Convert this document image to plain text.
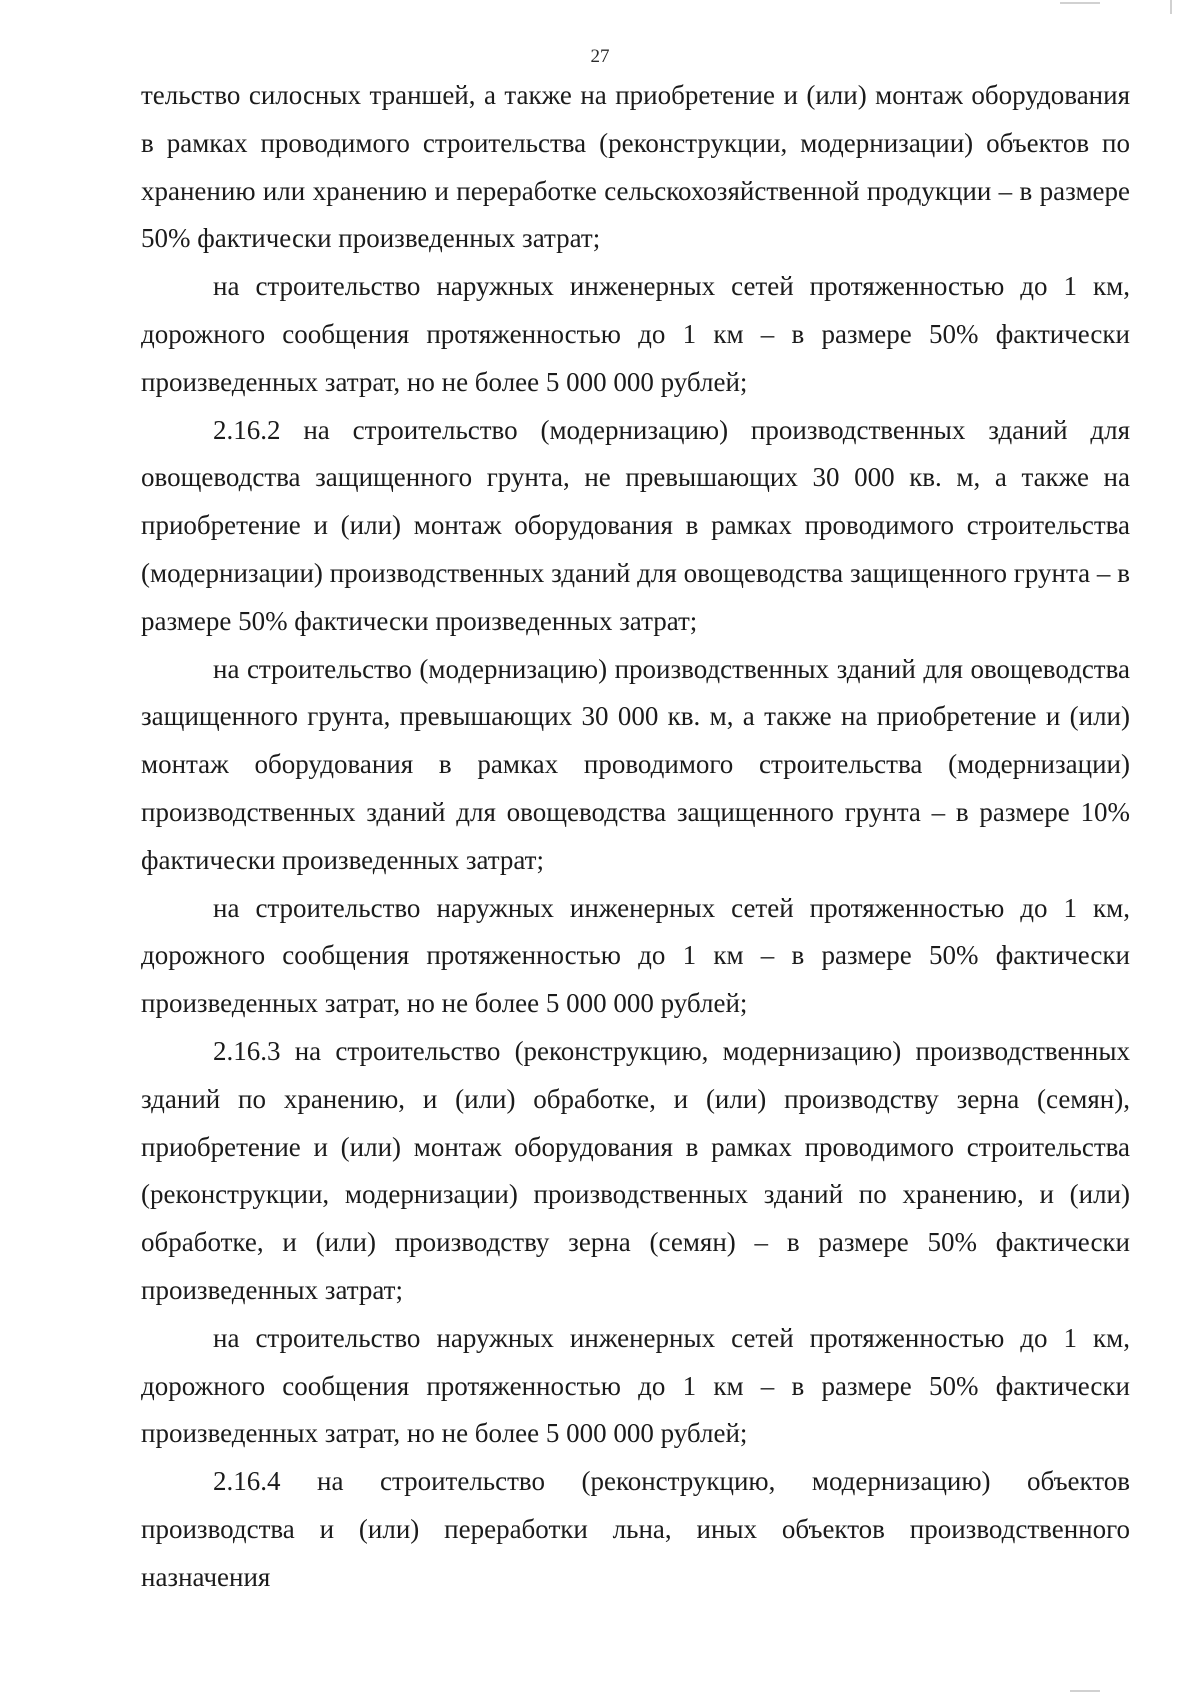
27

тельство силосных траншей, а также на приобретение и (или) монтаж оборудования в рамках проводимого строительства (реконструкции, модернизации) объектов по хранению или хранению и переработке сельскохозяйственной продукции – в размере 50% фактически произведенных затрат;

на строительство наружных инженерных сетей протяженностью до 1 км, дорожного сообщения протяженностью до 1 км – в размере 50% фактически произведенных затрат, но не более 5 000 000 рублей;

2.16.2 на строительство (модернизацию) производственных зданий для овощеводства защищенного грунта, не превышающих 30 000 кв. м, а также на приобретение и (или) монтаж оборудования в рамках проводимого строительства (модернизации) производственных зданий для овощеводства защищенного грунта – в размере 50% фактически произведенных затрат;

на строительство (модернизацию) производственных зданий для овощеводства защищенного грунта, превышающих 30 000 кв. м, а также на приобретение и (или) монтаж оборудования в рамках проводимого строительства (модернизации) производственных зданий для овощеводства защищенного грунта – в размере 10% фактически произведенных затрат;

на строительство наружных инженерных сетей протяженностью до 1 км, дорожного сообщения протяженностью до 1 км – в размере 50% фактически произведенных затрат, но не более 5 000 000 рублей;

2.16.3 на строительство (реконструкцию, модернизацию) производственных зданий по хранению, и (или) обработке, и (или) производству зерна (семян), приобретение и (или) монтаж оборудования в рамках проводимого строительства (реконструкции, модернизации) производственных зданий по хранению, и (или) обработке, и (или) производству зерна (семян) – в размере 50% фактически произведенных затрат;

на строительство наружных инженерных сетей протяженностью до 1 км, дорожного сообщения протяженностью до 1 км – в размере 50% фактически произведенных затрат, но не более 5 000 000 рублей;

2.16.4 на строительство (реконструкцию, модернизацию) объектов производства и (или) переработки льна, иных объектов производственного назначения
